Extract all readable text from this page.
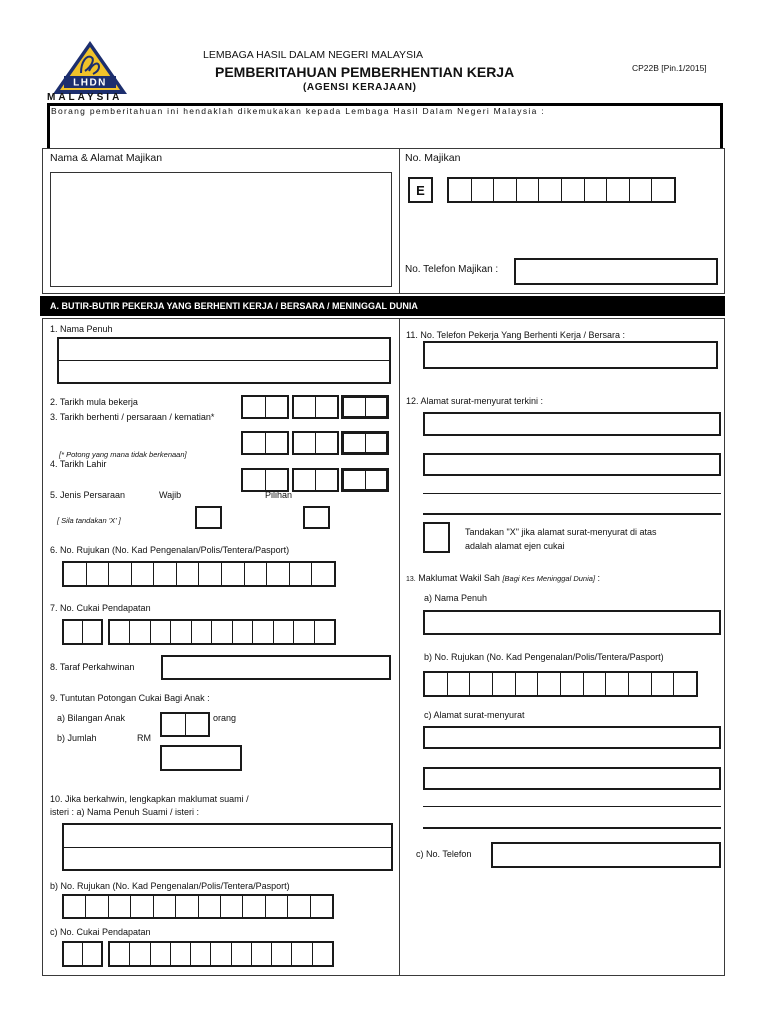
LHDN
MALAYSIA
LEMBAGA HASIL DALAM NEGERI MALAYSIA
PEMBERITAHUAN PEMBERHENTIAN KERJA
(AGENSI KERAJAAN)
CP22B [Pin.1/2015]
Borang pemberitahuan ini hendaklah dikemukakan kepada Lembaga Hasil Dalam Negeri Malaysia :
Nama & Alamat Majikan	No. Majikan
E
No. Telefon Majikan :
A. BUTIR-BUTIR PEKERJA YANG BERHENTI KERJA / BERSARA / MENINGGAL DUNIA
1. Nama Penuh
2. Tarikh mula bekerja
3. Tarikh berhenti / persaraan / kematian*
[* Potong yang mana tidak berkenaan]
4. Tarikh Lahir
5. Jenis Persaraan	Wajib	Pilihan
[ Sila tandakan 'X' ]
6. No. Rujukan (No. Kad Pengenalan/Polis/Tentera/Pasport)
7. No. Cukai Pendapatan
8. Taraf Perkahwinan
9. Tuntutan Potongan Cukai Bagi Anak :
a) Bilangan Anak	orang
b) Jumlah	RM
10. Jika berkahwin, lengkapkan maklumat suami /
isteri : a) Nama Penuh Suami / isteri :
b) No. Rujukan (No. Kad Pengenalan/Polis/Tentera/Pasport)
c) No. Cukai Pendapatan
11. No. Telefon Pekerja Yang Berhenti Kerja / Bersara :
12. Alamat surat-menyurat terkini :
Tandakan "X" jika alamat surat-menyurat di atas
adalah alamat ejen cukai
13. Maklumat Wakil Sah [Bagi Kes Meninggal Dunia] :
a) Nama Penuh
b) No. Rujukan (No. Kad Pengenalan/Polis/Tentera/Pasport)
c) Alamat surat-menyurat
c) No. Telefon
